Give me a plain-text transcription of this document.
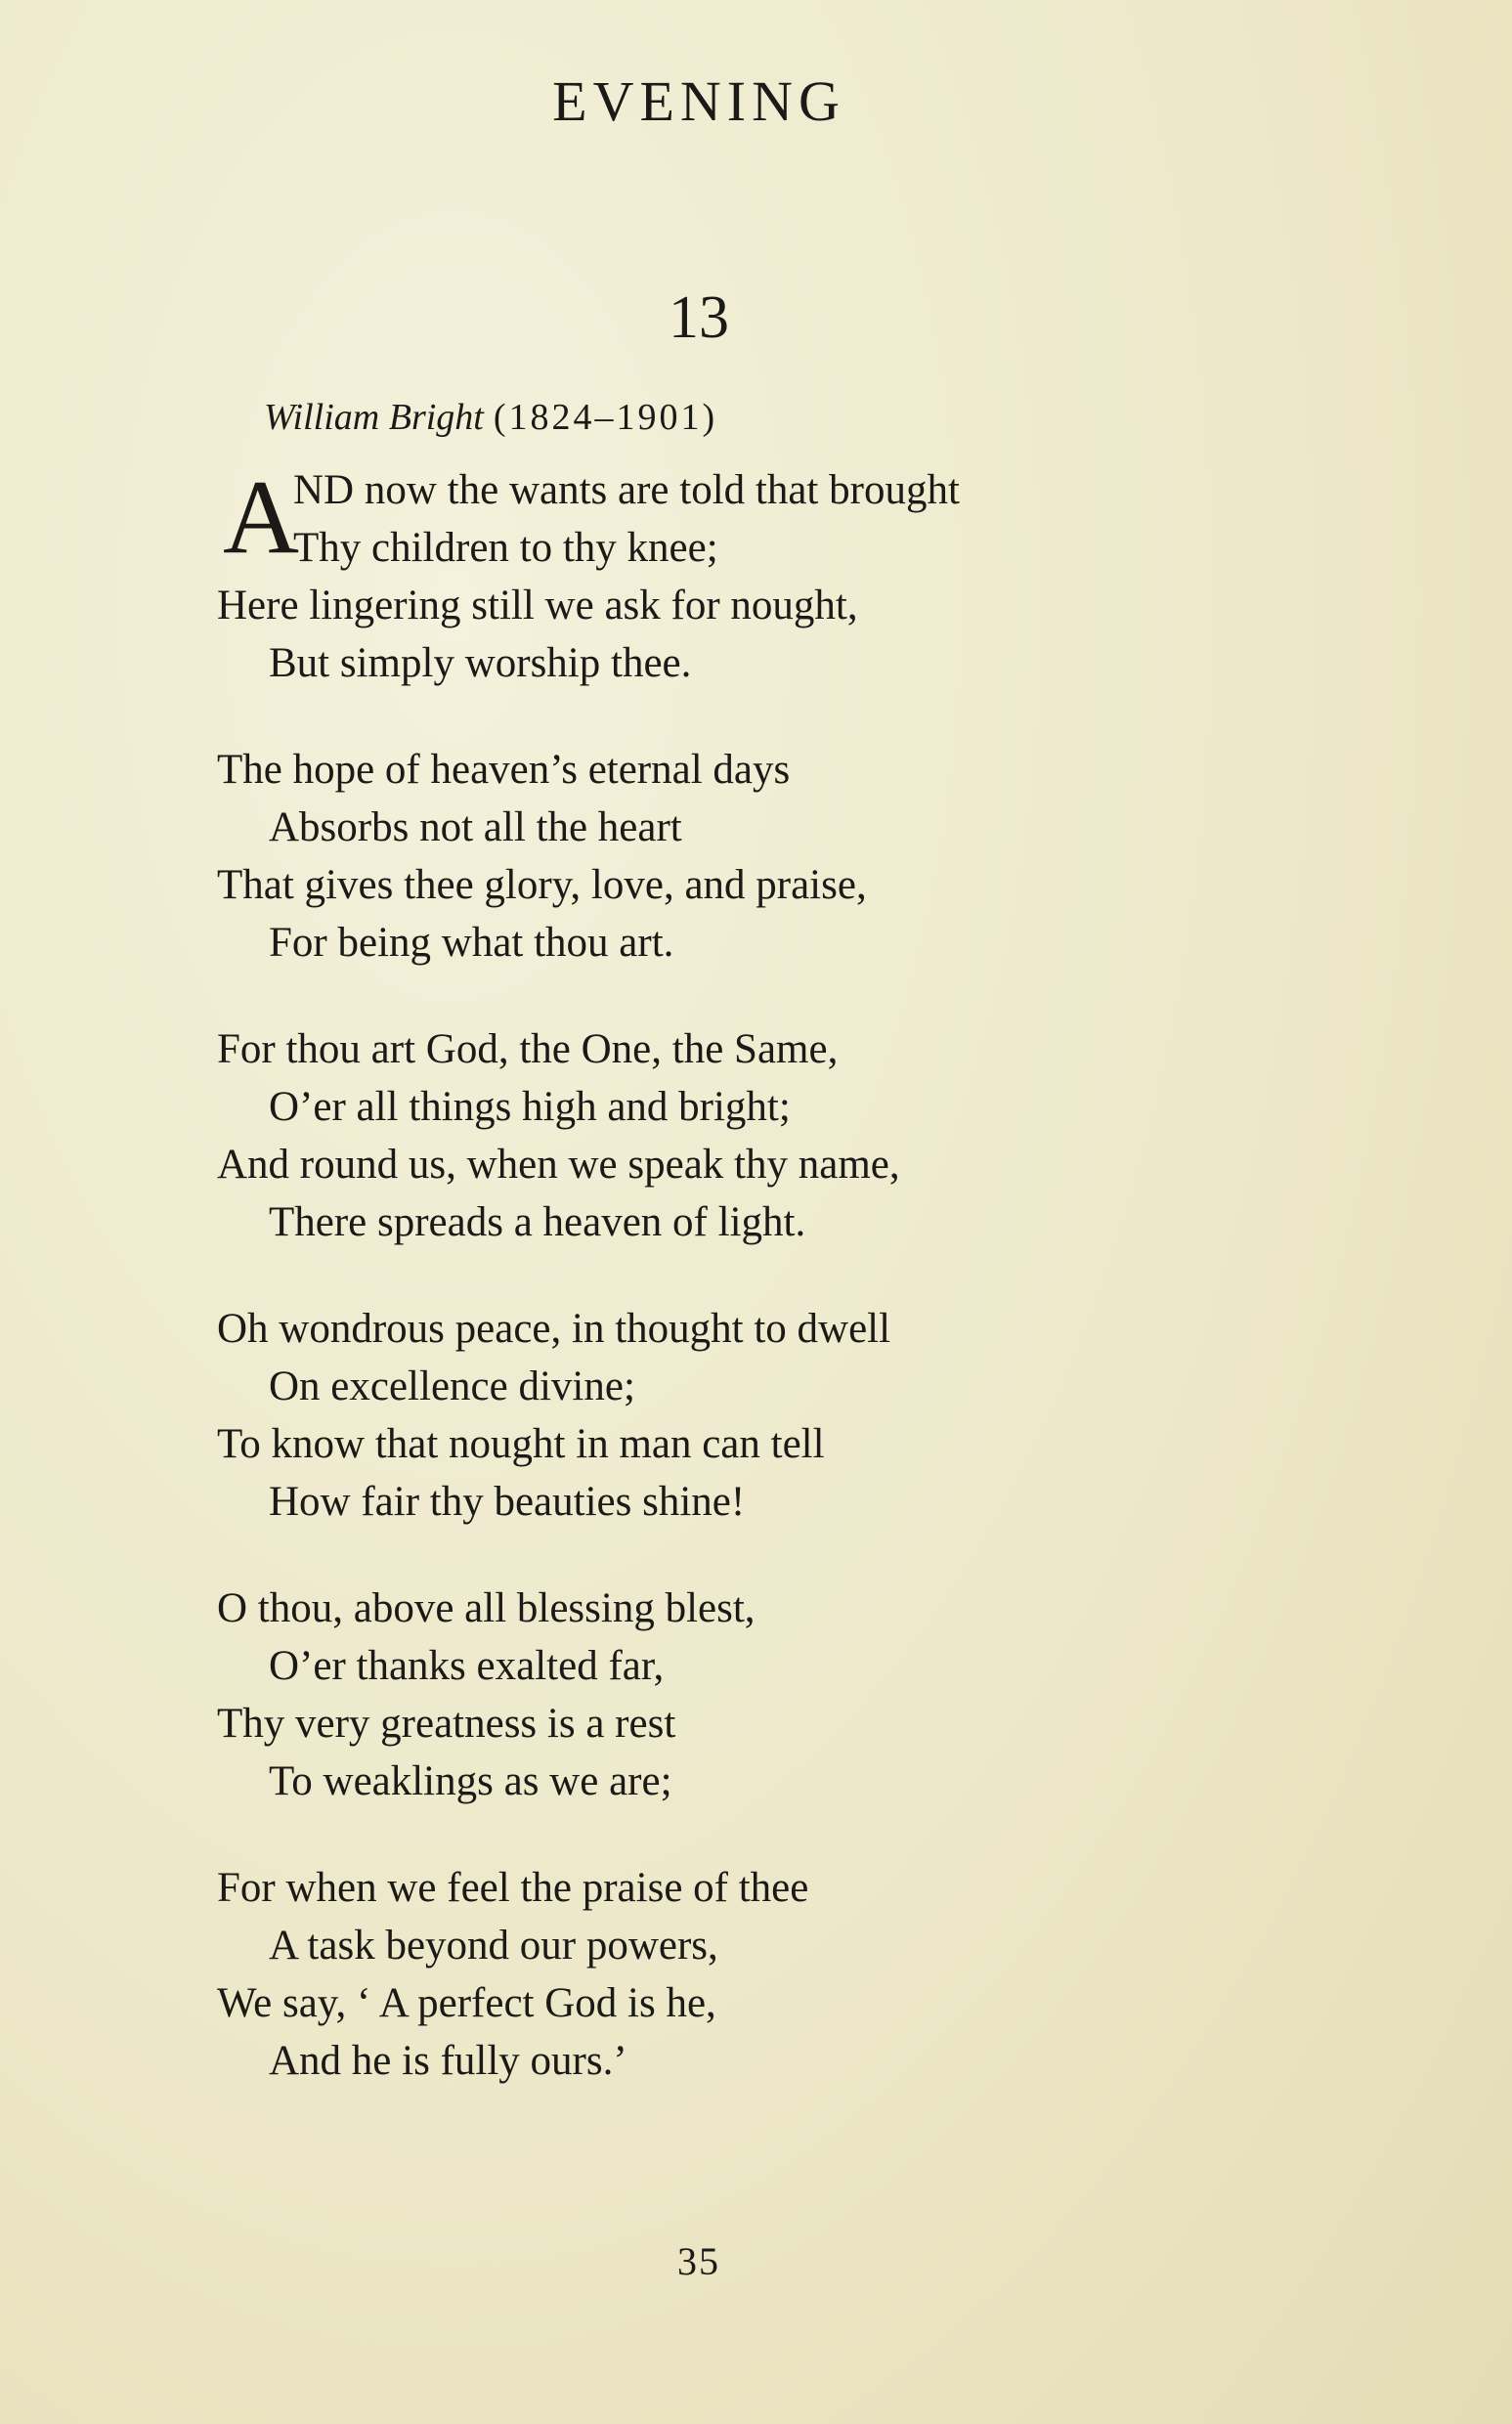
EVENING
13
William Bright (1824–1901)
A
ND now the wants are told that brought
Thy children to thy knee;
Here lingering still we ask for nought,
But simply worship thee.
The hope of heaven’s eternal days
Absorbs not all the heart
That gives thee glory, love, and praise,
For being what thou art.
For thou art God, the One, the Same,
O’er all things high and bright;
And round us, when we speak thy name,
There spreads a heaven of light.
Oh wondrous peace, in thought to dwell
On excellence divine;
To know that nought in man can tell
How fair thy beauties shine!
O thou, above all blessing blest,
O’er thanks exalted far,
Thy very greatness is a rest
To weaklings as we are;
For when we feel the praise of thee
A task beyond our powers,
We say, ‘ A perfect God is he,
And he is fully ours.’
35
